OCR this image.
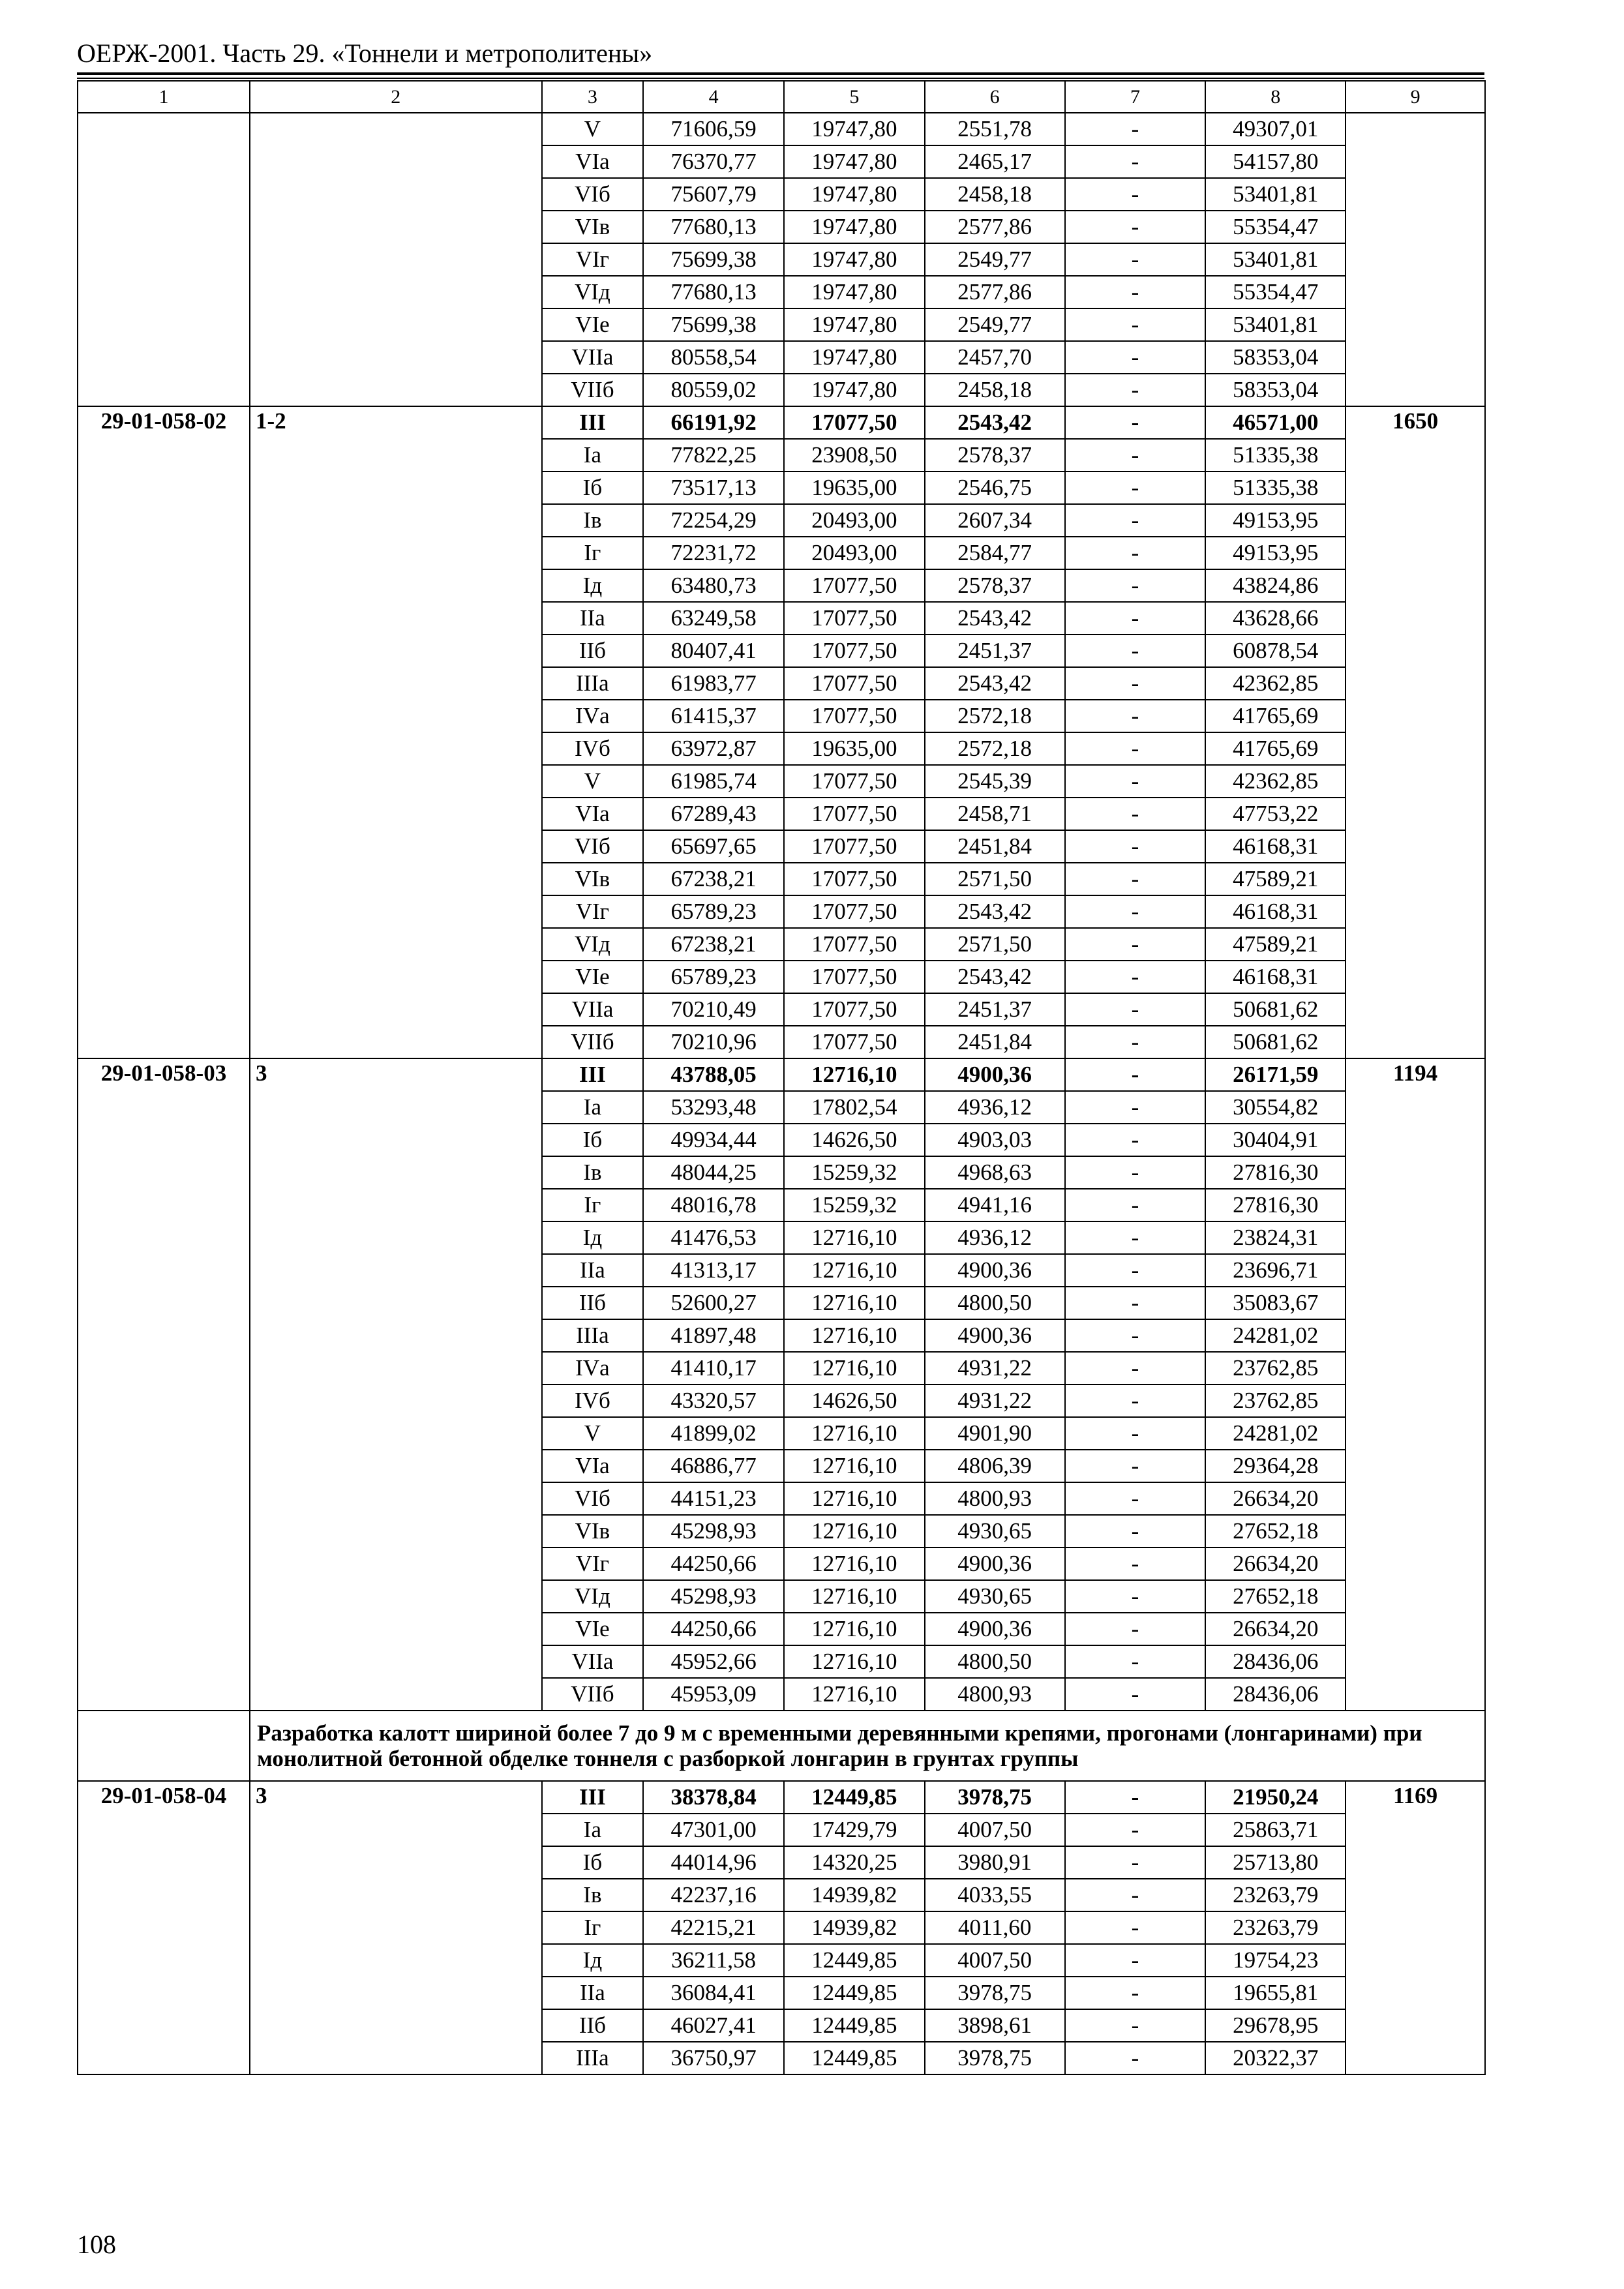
ОЕРЖ-2001. Часть 29. «Тоннели и метрополитены»
1	2	3	4	5	6	7	8	9
		V	71606,59	19747,80	2551,78	-	49307,01	
		VIа	76370,77	19747,80	2465,17	-	54157,80	
		VIб	75607,79	19747,80	2458,18	-	53401,81	
		VIв	77680,13	19747,80	2577,86	-	55354,47	
		VIг	75699,38	19747,80	2549,77	-	53401,81	
		VIд	77680,13	19747,80	2577,86	-	55354,47	
		VIе	75699,38	19747,80	2549,77	-	53401,81	
		VIIа	80558,54	19747,80	2457,70	-	58353,04	
		VIIб	80559,02	19747,80	2458,18	-	58353,04	
29-01-058-02	1-2	III	66191,92	17077,50	2543,42	-	46571,00	1650
		Iа	77822,25	23908,50	2578,37	-	51335,38	
		Iб	73517,13	19635,00	2546,75	-	51335,38	
		Iв	72254,29	20493,00	2607,34	-	49153,95	
		Iг	72231,72	20493,00	2584,77	-	49153,95	
		Iд	63480,73	17077,50	2578,37	-	43824,86	
		IIа	63249,58	17077,50	2543,42	-	43628,66	
		IIб	80407,41	17077,50	2451,37	-	60878,54	
		IIIа	61983,77	17077,50	2543,42	-	42362,85	
		IVа	61415,37	17077,50	2572,18	-	41765,69	
		IVб	63972,87	19635,00	2572,18	-	41765,69	
		V	61985,74	17077,50	2545,39	-	42362,85	
		VIа	67289,43	17077,50	2458,71	-	47753,22	
		VIб	65697,65	17077,50	2451,84	-	46168,31	
		VIв	67238,21	17077,50	2571,50	-	47589,21	
		VIг	65789,23	17077,50	2543,42	-	46168,31	
		VIд	67238,21	17077,50	2571,50	-	47589,21	
		VIе	65789,23	17077,50	2543,42	-	46168,31	
		VIIа	70210,49	17077,50	2451,37	-	50681,62	
		VIIб	70210,96	17077,50	2451,84	-	50681,62	
29-01-058-03	3	III	43788,05	12716,10	4900,36	-	26171,59	1194
		Iа	53293,48	17802,54	4936,12	-	30554,82	
		Iб	49934,44	14626,50	4903,03	-	30404,91	
		Iв	48044,25	15259,32	4968,63	-	27816,30	
		Iг	48016,78	15259,32	4941,16	-	27816,30	
		Iд	41476,53	12716,10	4936,12	-	23824,31	
		IIа	41313,17	12716,10	4900,36	-	23696,71	
		IIб	52600,27	12716,10	4800,50	-	35083,67	
		IIIа	41897,48	12716,10	4900,36	-	24281,02	
		IVа	41410,17	12716,10	4931,22	-	23762,85	
		IVб	43320,57	14626,50	4931,22	-	23762,85	
		V	41899,02	12716,10	4901,90	-	24281,02	
		VIа	46886,77	12716,10	4806,39	-	29364,28	
		VIб	44151,23	12716,10	4800,93	-	26634,20	
		VIв	45298,93	12716,10	4930,65	-	27652,18	
		VIг	44250,66	12716,10	4900,36	-	26634,20	
		VIд	45298,93	12716,10	4930,65	-	27652,18	
		VIе	44250,66	12716,10	4900,36	-	26634,20	
		VIIа	45952,66	12716,10	4800,50	-	28436,06	
		VIIб	45953,09	12716,10	4800,93	-	28436,06	
	Разработка калотт шириной более 7 до 9 м с временными деревянными крепями, прогонами (лонгаринами) при монолитной бетонной обделке тоннеля с разборкой лонгарин в грунтах группы							
29-01-058-04	3	III	38378,84	12449,85	3978,75	-	21950,24	1169
		Iа	47301,00	17429,79	4007,50	-	25863,71	
		Iб	44014,96	14320,25	3980,91	-	25713,80	
		Iв	42237,16	14939,82	4033,55	-	23263,79	
		Iг	42215,21	14939,82	4011,60	-	23263,79	
		Iд	36211,58	12449,85	4007,50	-	19754,23	
		IIа	36084,41	12449,85	3978,75	-	19655,81	
		IIб	46027,41	12449,85	3898,61	-	29678,95	
		IIIа	36750,97	12449,85	3978,75	-	20322,37	
108
